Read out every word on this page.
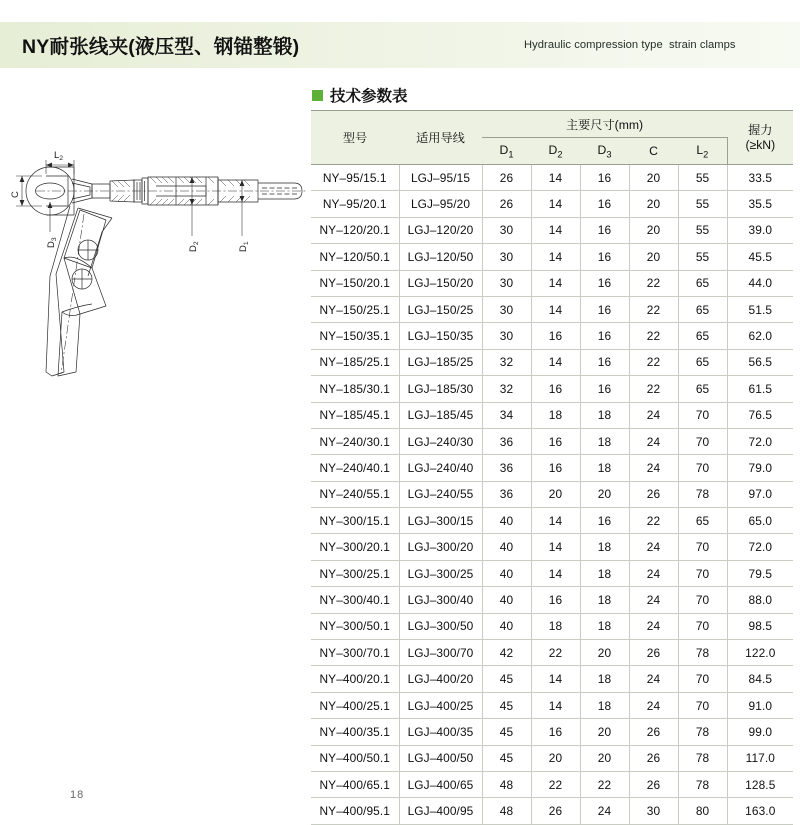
NY耐张线夹(液压型、钢锚整锻)	Hydraulic compression type  strain clamps
技术参数表
$L_2$
C
$D_3$
$D_2$
$D_1$
型号	适用导线	主要尺寸(mm)					握力
(≥kN)

		$D_1$	$D_2$	$D_3$	C	$L_2$
NY–95/15.1	LGJ–95/15	26	14	16	20	55	33.5
NY–95/20.1	LGJ–95/20	26	14	16	20	55	35.5
NY–120/20.1	LGJ–120/20	30	14	16	20	55	39.0
NY–120/50.1	LGJ–120/50	30	14	16	20	55	45.5
NY–150/20.1	LGJ–150/20	30	14	16	22	65	44.0
NY–150/25.1	LGJ–150/25	30	14	16	22	65	51.5
NY–150/35.1	LGJ–150/35	30	16	16	22	65	62.0
NY–185/25.1	LGJ–185/25	32	14	16	22	65	56.5
NY–185/30.1	LGJ–185/30	32	16	16	22	65	61.5
NY–185/45.1	LGJ–185/45	34	18	18	24	70	76.5
NY–240/30.1	LGJ–240/30	36	16	18	24	70	72.0
NY–240/40.1	LGJ–240/40	36	16	18	24	70	79.0
NY–240/55.1	LGJ–240/55	36	20	20	26	78	97.0
NY–300/15.1	LGJ–300/15	40	14	16	22	65	65.0
NY–300/20.1	LGJ–300/20	40	14	18	24	70	72.0
NY–300/25.1	LGJ–300/25	40	14	18	24	70	79.5
NY–300/40.1	LGJ–300/40	40	16	18	24	70	88.0
NY–300/50.1	LGJ–300/50	40	18	18	24	70	98.5
NY–300/70.1	LGJ–300/70	42	22	20	26	78	122.0
NY–400/20.1	LGJ–400/20	45	14	18	24	70	84.5
NY–400/25.1	LGJ–400/25	45	14	18	24	70	91.0
NY–400/35.1	LGJ–400/35	45	16	20	26	78	99.0
NY–400/50.1	LGJ–400/50	45	20	20	26	78	117.0
NY–400/65.1	LGJ–400/65	48	22	22	26	78	128.5
NY–400/95.1	LGJ–400/95	48	26	24	30	80	163.0
18
